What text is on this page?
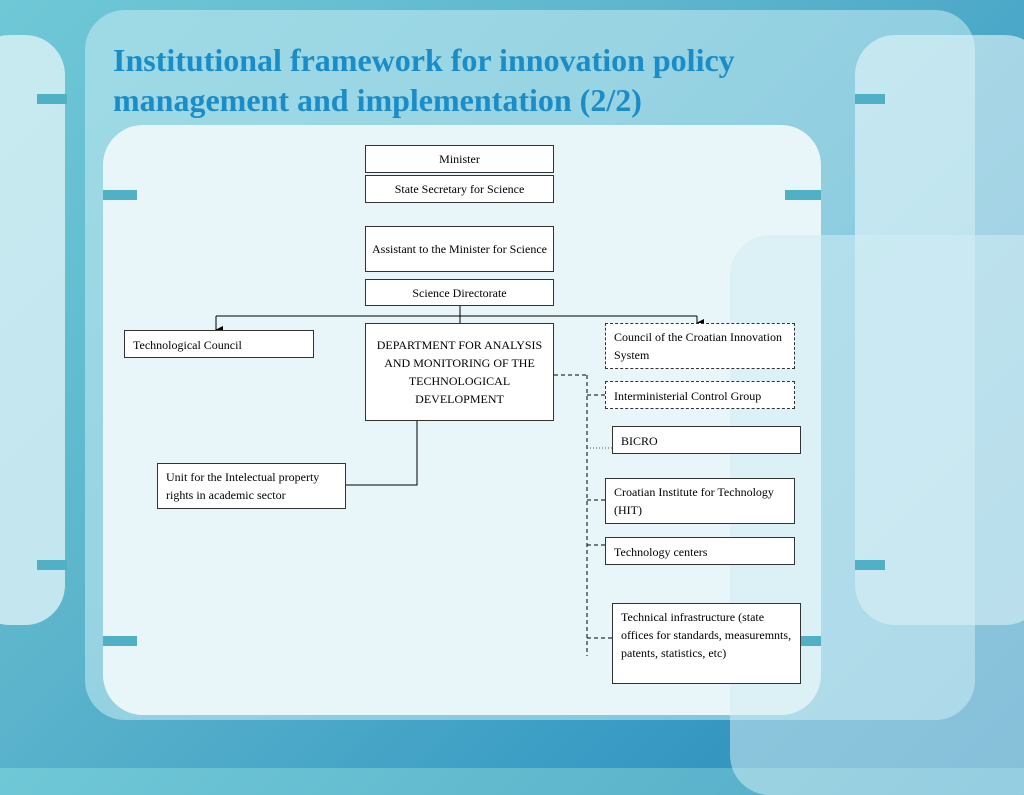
Institutional framework for innovation policy management and implementation (2/2)
Minister
State Secretary for Science
Assistant to the Minister for Science
Science Directorate
Technological Council	DEPARTMENT FOR ANALYSIS AND MONITORING OF THE TECHNOLOGICAL DEVELOPMENT
Council of the Croatian Innovation System
Interministerial Control Group
BICRO
Croatian Institute for Technology (HIT)
Technology centers
Technical infrastructure (state offices for standards, measuremnts, patents, statistics, etc)
Unit for the Intelectual property rights in academic sector
